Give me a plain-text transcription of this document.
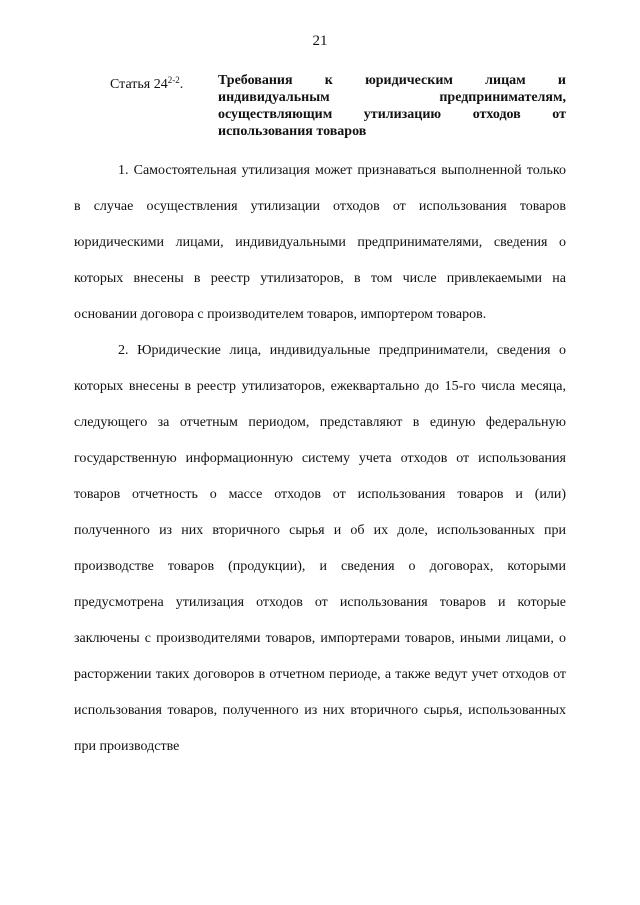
21
Статья 24$^{2-2}$.	Требования к юридическим лицам и индивидуальным предпринимателям, осуществляющим утилизацию отходов от использования товаров

1. Самостоятельная утилизация может признаваться выполненной только в случае осуществления утилизации отходов от использования товаров юридическими лицами, индивидуальными предпринимателями, сведения о которых внесены в реестр утилизаторов, в том числе привлекаемыми на основании договора с производителем товаров, импортером товаров.

2. Юридические лица, индивидуальные предприниматели, сведения о которых внесены в реестр утилизаторов, ежеквартально до 15-го числа месяца, следующего за отчетным периодом, представляют в единую федеральную государственную информационную систему учета отходов от использования товаров отчетность о массе отходов от использования товаров и (или) полученного из них вторичного сырья и об их доле, использованных при производстве товаров (продукции), и сведения о договорах, которыми предусмотрена утилизация отходов от использования товаров и которые заключены с производителями товаров, импортерами товаров, иными лицами, о расторжении таких договоров в отчетном периоде, а также ведут учет отходов от использования товаров, полученного из них вторичного сырья, использованных при производстве
